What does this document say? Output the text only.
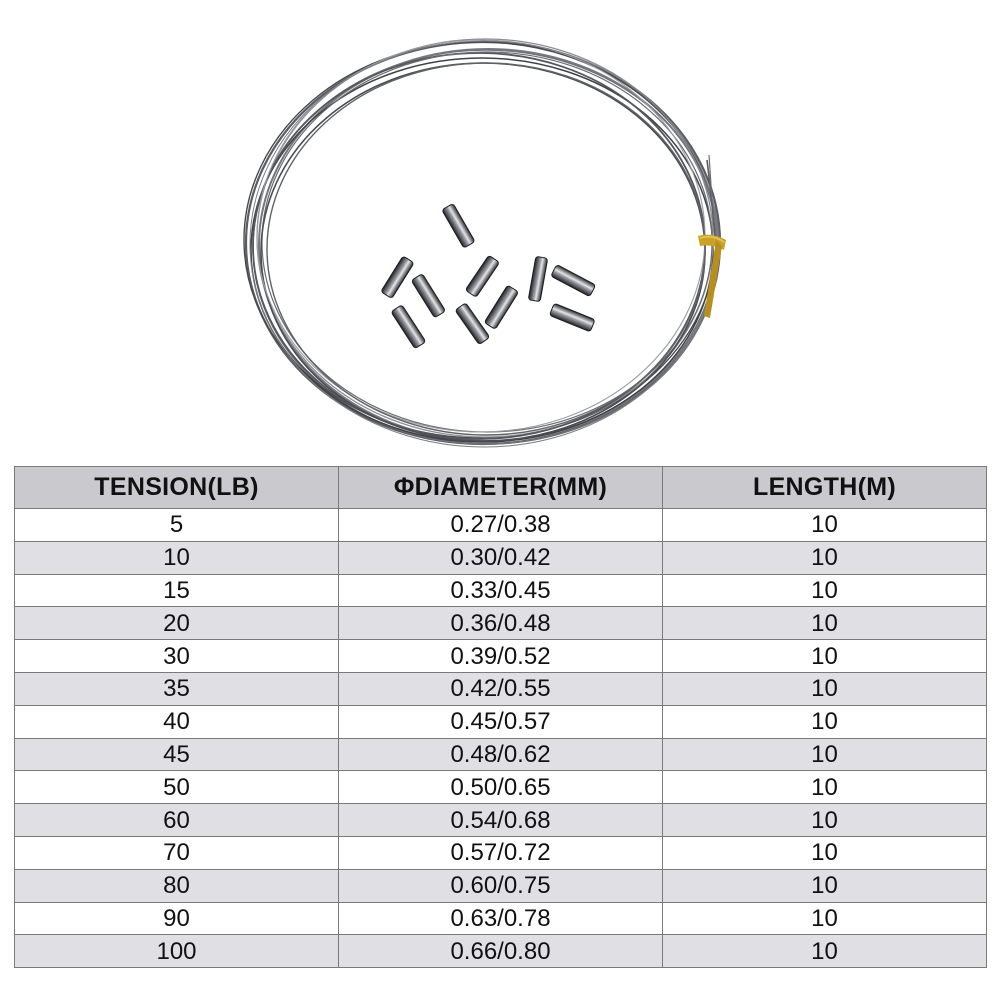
TENSION(LB)	ΦDIAMETER(MM)	LENGTH(M)
5	0.27/0.38	10
10	0.30/0.42	10
15	0.33/0.45	10
20	0.36/0.48	10
30	0.39/0.52	10
35	0.42/0.55	10
40	0.45/0.57	10
45	0.48/0.62	10
50	0.50/0.65	10
60	0.54/0.68	10
70	0.57/0.72	10
80	0.60/0.75	10
90	0.63/0.78	10
100	0.66/0.80	10
